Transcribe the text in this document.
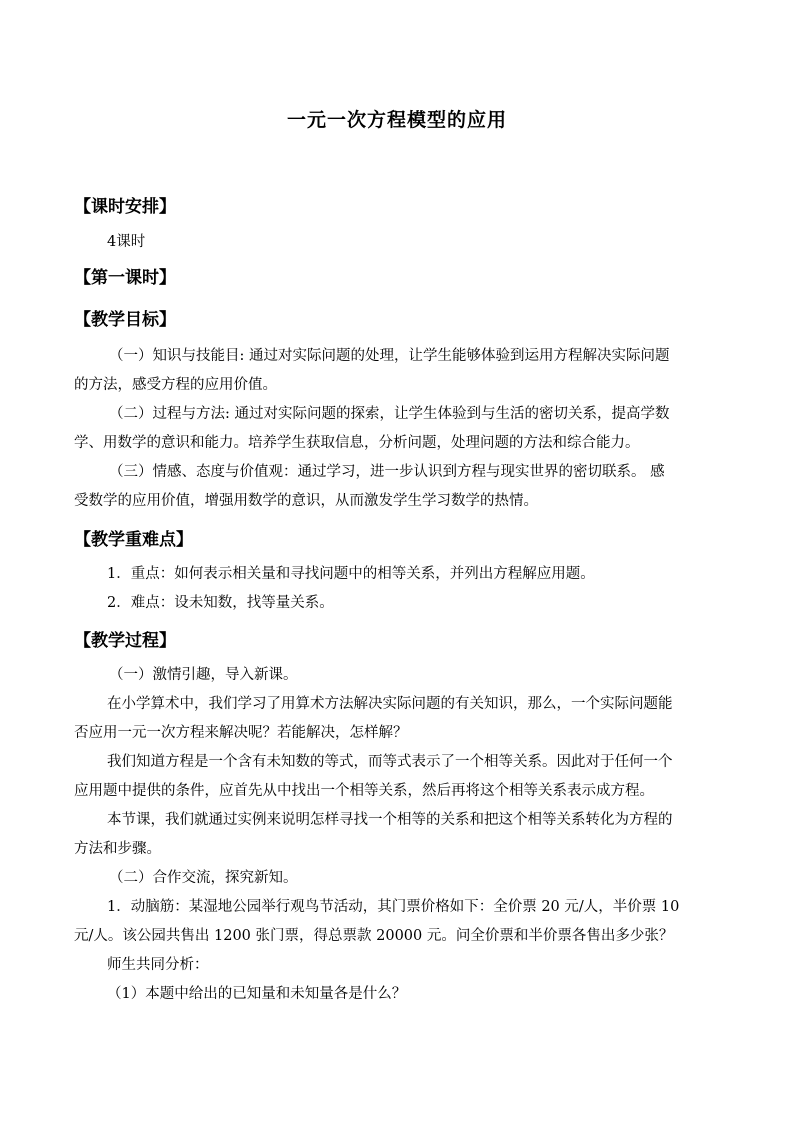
一元一次方程模型的应用
【课时安排】
4课时
【第一课时】
【教学目标】
（一）知识与技能目: 通过对实际问题的处理，让学生能够体验到运用方程解决实际问题
的方法，感受方程的应用价值。
（二）过程与方法: 通过对实际问题的探索，让学生体验到与生活的密切关系，提高学数
学、用数学的意识和能力。培养学生获取信息，分析问题，处理问题的方法和综合能力。
（三）情感、态度与价值观：通过学习，进一步认识到方程与现实世界的密切联系。 感
受数学的应用价值，增强用数学的意识，从而激发学生学习数学的热情。
【教学重难点】
1．重点：如何表示相关量和寻找问题中的相等关系，并列出方程解应用题。
2．难点：设未知数，找等量关系。
【教学过程】
（一）激情引趣，导入新课。
在小学算术中，我们学习了用算术方法解决实际问题的有关知识，那么，一个实际问题能
否应用一元一次方程来解决呢？若能解决，怎样解？
我们知道方程是一个含有未知数的等式，而等式表示了一个相等关系。因此对于任何一个
应用题中提供的条件，应首先从中找出一个相等关系，然后再将这个相等关系表示成方程。
本节课，我们就通过实例来说明怎样寻找一个相等的关系和把这个相等关系转化为方程的
方法和步骤。
（二）合作交流，探究新知。
1．动脑筋：某湿地公园举行观鸟节活动，其门票价格如下：全价票 20 元/人，半价票 10
元/人。该公园共售出 1200 张门票，得总票款 20000 元。问全价票和半价票各售出多少张？
师生共同分析：
（1）本题中给出的已知量和未知量各是什么？
